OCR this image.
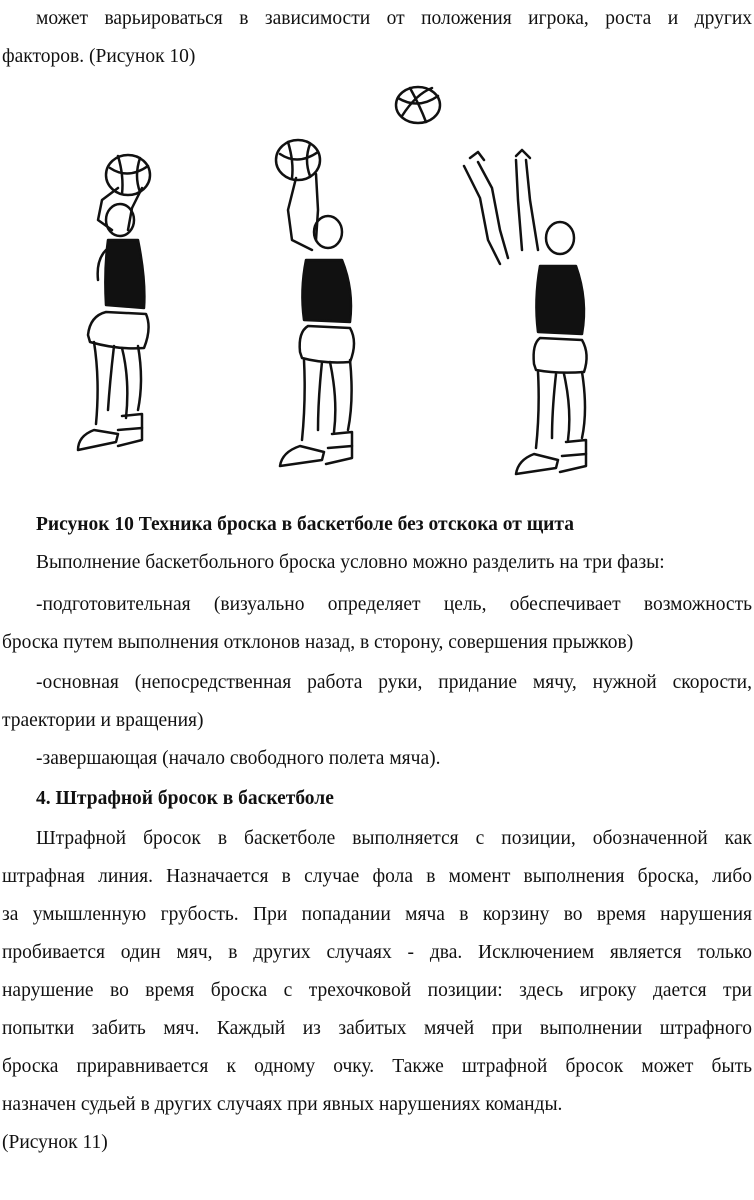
может варьироваться в зависимости от положения игрока, роста и других

факторов. (Рисунок 10)

Рисунок 10 Техника броска в баскетболе без отскока от щита

Выполнение баскетбольного броска условно можно разделить на три фазы:

-подготовительная (визуально определяет цель, обеспечивает возможность

броска путем выполнения отклонов назад, в сторону, совершения прыжков)

-основная (непосредственная работа руки, придание мячу, нужной скорости,

траектории и вращения)

-завершающая (начало свободного полета мяча).

4. Штрафной бросок в баскетболе

Штрафной бросок в баскетболе выполняется с позиции, обозначенной как

штрафная линия. Назначается в случае фола в момент выполнения броска, либо

за умышленную грубость. При попадании мяча в корзину во время нарушения

пробивается один мяч, в других случаях - два. Исключением является только

нарушение во время броска с трехочковой позиции: здесь игроку дается три

попытки забить мяч. Каждый из забитых мячей при выполнении штрафного

броска приравнивается к одному очку. Также штрафной бросок может быть

назначен судьей в других случаях при явных нарушениях команды.

(Рисунок 11)
